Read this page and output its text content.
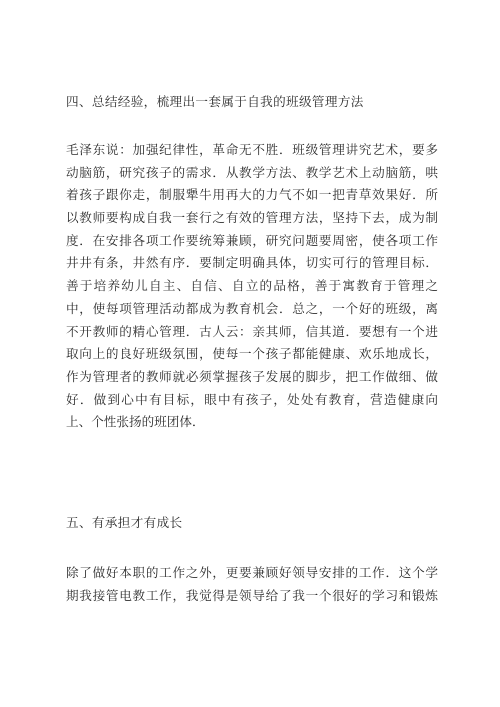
四、总结经验，梳理出一套属于自我的班级管理方法
毛泽东说：加强纪律性，革命无不胜．班级管理讲究艺术，要多
动脑筋，研究孩子的需求．从教学方法、教学艺术上动脑筋，哄
着孩子跟你走，制服犟牛用再大的力气不如一把青草效果好．所
以教师要构成自我一套行之有效的管理方法，坚持下去，成为制
度．在安排各项工作要统筹兼顾，研究问题要周密，使各项工作
井井有条，井然有序．要制定明确具体，切实可行的管理目标．
善于培养幼儿自主、自信、自立的品格，善于寓教育于管理之
中，使每项管理活动都成为教育机会．总之，一个好的班级，离
不开教师的精心管理．古人云：亲其师，信其道．要想有一个进
取向上的良好班级氛围，使每一个孩子都能健康、欢乐地成长，
作为管理者的教师就必须掌握孩子发展的脚步，把工作做细、做
好．做到心中有目标，眼中有孩子，处处有教育，营造健康向
上、个性张扬的班团体．
五、有承担才有成长
除了做好本职的工作之外，更要兼顾好领导安排的工作．这个学
期我接管电教工作，我觉得是领导给了我一个很好的学习和锻炼
